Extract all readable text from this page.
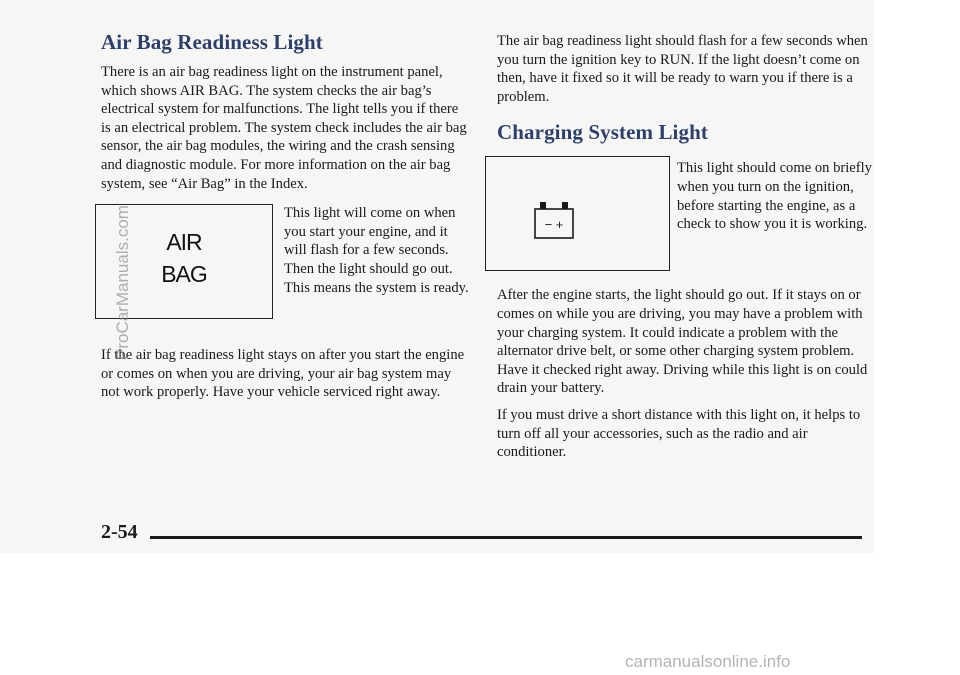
Air Bag Readiness Light

There is an air bag readiness light on the instrument panel, which shows AIR BAG. The system checks the air bag’s electrical system for malfunctions. The light tells you if there is an electrical problem. The system check includes the air bag sensor, the air bag modules, the wiring and the crash sensing and diagnostic module. For more information on the air bag system, see “Air Bag” in the Index.

AIR
BAG

This light will come on when you start your engine, and it will flash for a few seconds. Then the light should go out. This means the system is ready.

If the air bag readiness light stays on after you start the engine or comes on when you are driving, your air bag system may not work properly. Have your vehicle serviced right away.

The air bag readiness light should flash for a few seconds when you turn the ignition key to RUN. If the light doesn’t come on then, have it fixed so it will be ready to warn you if there is a problem.

Charging System Light
− +

This light should come on briefly when you turn on the ignition, before starting the engine, as a check to show you it is working.

After the engine starts, the light should go out. If it stays on or comes on while you are driving, you may have a problem with your charging system. It could indicate a problem with the alternator drive belt, or some other charging system problem. Have it checked right away. Driving while this light is on could drain your battery.

If you must drive a short distance with this light on, it helps to turn off all your accessories, such as the radio and air conditioner.

2-54
ProCarManuals.com
carmanualsonline.info
